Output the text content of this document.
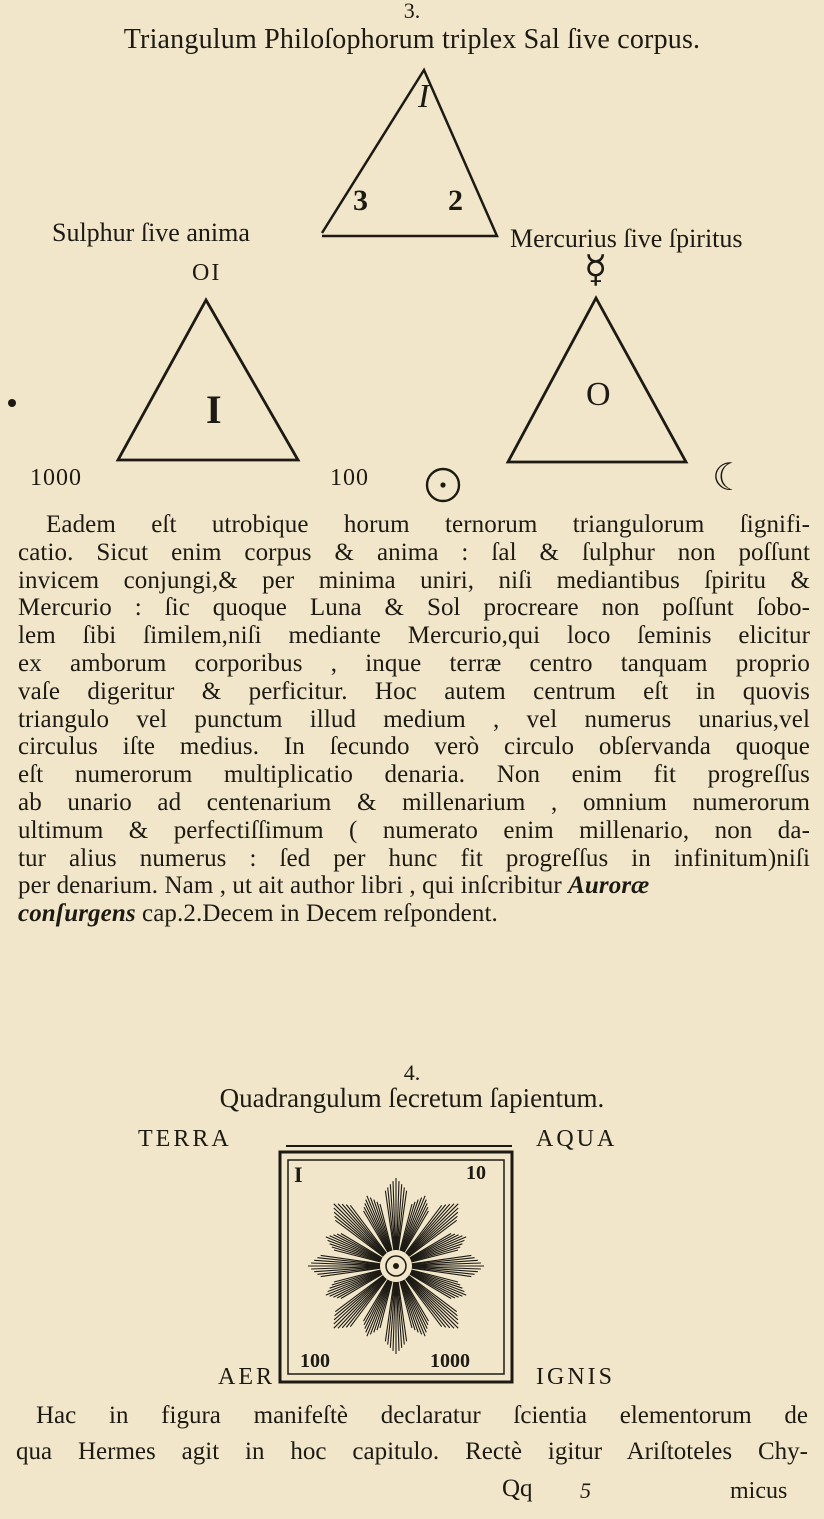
3.
Triangulum Philoſophorum triplex Sal ſive corpus.
I
3	2
Sulphur ſive anima	Mercurius ſive ſpiritus
OI
I
1000
☿
O
100	☾
Eadem eſt utrobique horum ternorum triangulorum ſignifi-
catio. Sicut enim corpus & anima : ſal & ſulphur non poſſunt
invicem conjungi,& per minima uniri, niſi mediantibus ſpiritu &
Mercurio : ſic quoque Luna & Sol procreare non poſſunt ſobo-
lem ſibi ſimilem,niſi mediante Mercurio,qui loco ſeminis elicitur
ex amborum corporibus , inque terræ centro tanquam proprio
vaſe digeritur & perficitur. Hoc autem centrum eſt in quovis
triangulo vel punctum illud medium , vel numerus unarius,vel
circulus iſte medius. In ſecundo verò circulo obſervanda quoque
eſt numerorum multiplicatio denaria. Non enim fit progreſſus
ab unario ad centenarium & millenarium , omnium numerorum
ultimum & perfectiſſimum ( numerato enim millenario, non da-
tur alius numerus : ſed per hunc fit progreſſus in infinitum)niſi
per denarium. Nam , ut ait author libri , qui inſcribitur Auroræ
conſurgens cap.2.Decem in Decem reſpondent.
4.
Quadrangulum ſecretum ſapientum.
TERRA	AQUA
AER	IGNIS
I	10
100	1000
Hac in figura manifeſtè declaratur ſcientia elementorum de
qua Hermes agit in hoc capitulo. Rectè igitur Ariſtoteles Chy-
Qq 5	micus
